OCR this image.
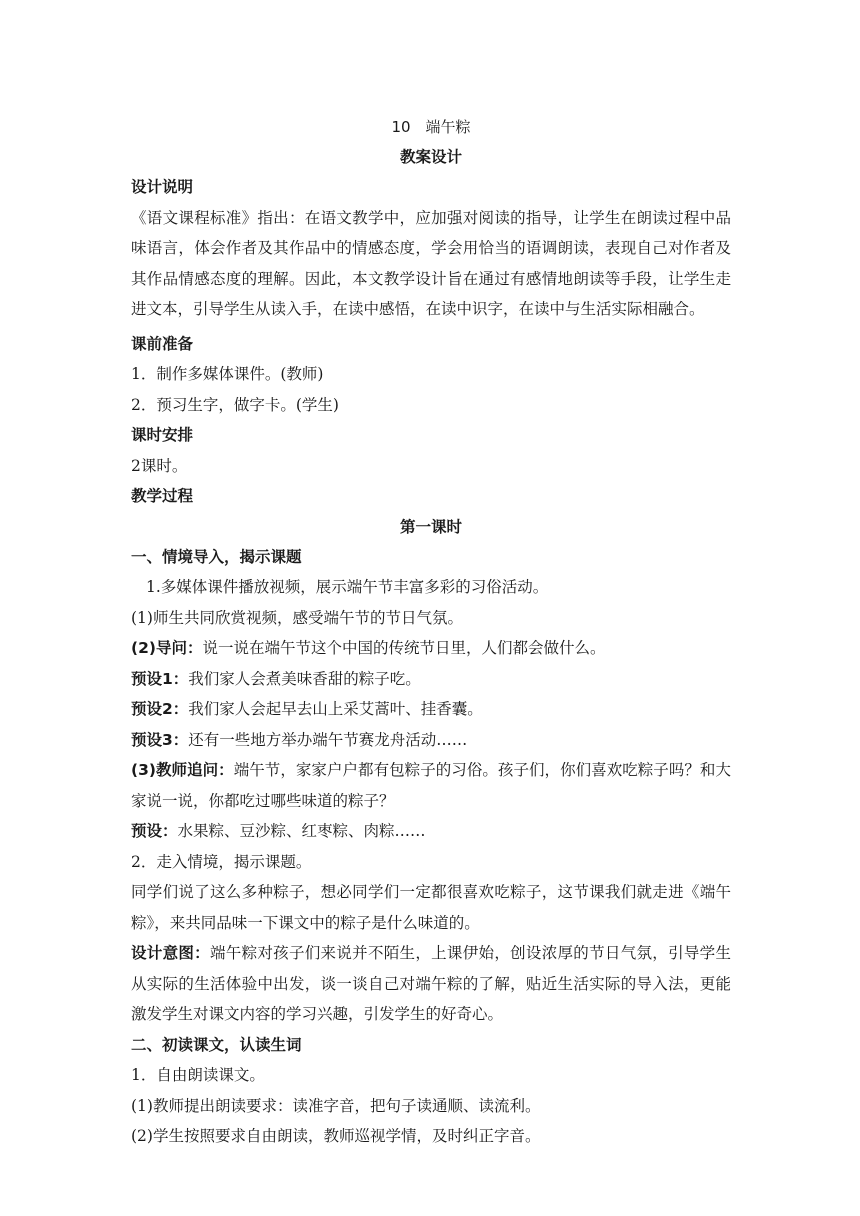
10　端午粽

教案设计

设计说明

《语文课程标准》指出：在语文教学中，应加强对阅读的指导，让学生在朗读过程中品味语言，体会作者及其作品中的情感态度，学会用恰当的语调朗读，表现自己对作者及其作品情感态度的理解。因此，本文教学设计旨在通过有感情地朗读等手段，让学生走进文本，引导学生从读入手，在读中感悟，在读中识字，在读中与生活实际相融合。

课前准备

1．制作多媒体课件。(教师)

2．预习生字，做字卡。(学生)

课时安排

2课时。

教学过程

第一课时

一、情境导入，揭示课题

1.多媒体课件播放视频，展示端午节丰富多彩的习俗活动。

(1)师生共同欣赏视频，感受端午节的节日气氛。

(2)导问：说一说在端午节这个中国的传统节日里，人们都会做什么。

预设1：我们家人会煮美味香甜的粽子吃。

预设2：我们家人会起早去山上采艾蒿叶、挂香囊。

预设3：还有一些地方举办端午节赛龙舟活动……

(3)教师追问：端午节，家家户户都有包粽子的习俗。孩子们，你们喜欢吃粽子吗？和大家说一说，你都吃过哪些味道的粽子？

预设：水果粽、豆沙粽、红枣粽、肉粽……

2．走入情境，揭示课题。

同学们说了这么多种粽子，想必同学们一定都很喜欢吃粽子，这节课我们就走进《端午粽》，来共同品味一下课文中的粽子是什么味道的。

设计意图：端午粽对孩子们来说并不陌生，上课伊始，创设浓厚的节日气氛，引导学生从实际的生活体验中出发，谈一谈自己对端午粽的了解，贴近生活实际的导入法，更能激发学生对课文内容的学习兴趣，引发学生的好奇心。

二、初读课文，认读生词

1．自由朗读课文。

(1)教师提出朗读要求：读准字音，把句子读通顺、读流利。

(2)学生按照要求自由朗读，教师巡视学情，及时纠正字音。
